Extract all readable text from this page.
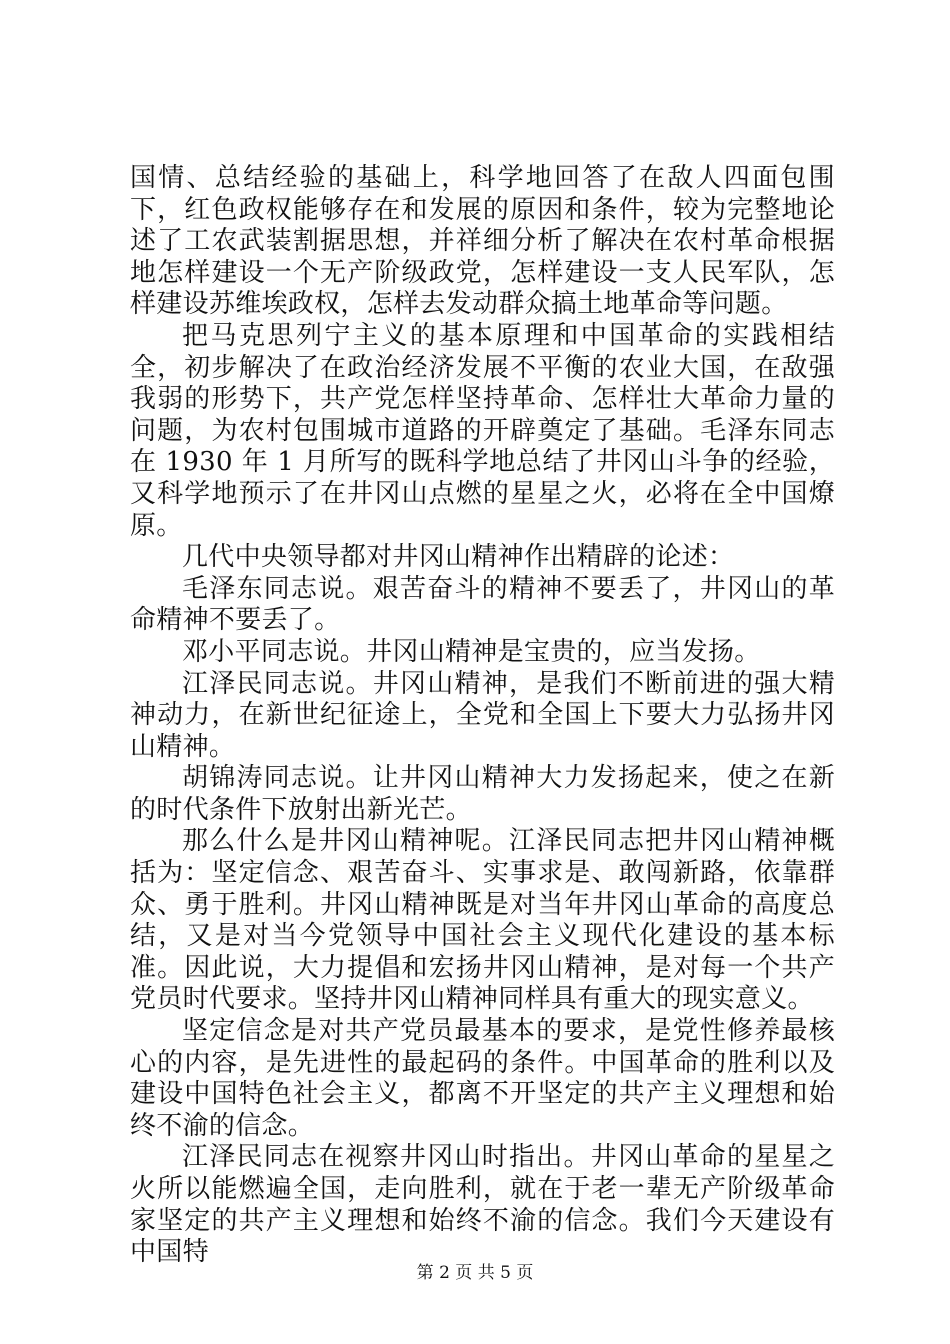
国情、总结经验的基础上，科学地回答了在敌人四面包围下，红色政权能够存在和发展的原因和条件，较为完整地论述了工农武装割据思想，并祥细分析了解决在农村革命根据地怎样建设一个无产阶级政党，怎样建设一支人民军队，怎样建设苏维埃政权，怎样去发动群众搞土地革命等问题。

把马克思列宁主义的基本原理和中国革命的实践相结全，初步解决了在政治经济发展不平衡的农业大国，在敌强我弱的形势下，共产党怎样坚持革命、怎样壮大革命力量的问题，为农村包围城市道路的开辟奠定了基础。毛泽东同志在 1930 年 1 月所写的既科学地总结了井冈山斗争的经验，又科学地预示了在井冈山点燃的星星之火，必将在全中国燎原。

几代中央领导都对井冈山精神作出精辟的论述：

毛泽东同志说。艰苦奋斗的精神不要丢了，井冈山的革命精神不要丢了。

邓小平同志说。井冈山精神是宝贵的，应当发扬。

江泽民同志说。井冈山精神，是我们不断前进的强大精神动力，在新世纪征途上，全党和全国上下要大力弘扬井冈山精神。

胡锦涛同志说。让井冈山精神大力发扬起来，使之在新的时代条件下放射出新光芒。

那么什么是井冈山精神呢。江泽民同志把井冈山精神概括为：坚定信念、艰苦奋斗、实事求是、敢闯新路，依靠群众、勇于胜利。井冈山精神既是对当年井冈山革命的高度总结，又是对当今党领导中国社会主义现代化建设的基本标准。因此说，大力提倡和宏扬井冈山精神，是对每一个共产党员时代要求。坚持井冈山精神同样具有重大的现实意义。

坚定信念是对共产党员最基本的要求，是党性修养最核心的内容，是先进性的最起码的条件。中国革命的胜利以及建设中国特色社会主义，都离不开坚定的共产主义理想和始终不渝的信念。

江泽民同志在视察井冈山时指出。井冈山革命的星星之火所以能燃遍全国，走向胜利，就在于老一辈无产阶级革命家坚定的共产主义理想和始终不渝的信念。我们今天建设有中国特

第 2 页 共 5 页
